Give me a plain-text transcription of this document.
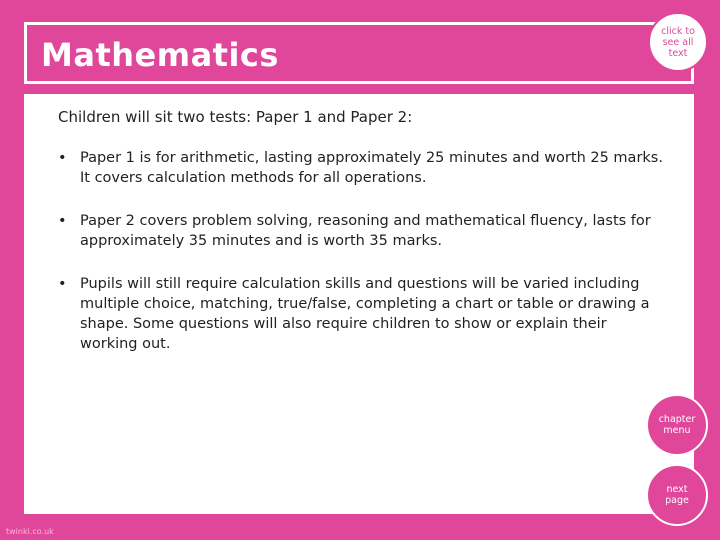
Mathematics
click to see all text

Children will sit two tests: Paper 1 and Paper 2:

• Paper 1 is for arithmetic, lasting approximately 25 minutes and worth 25 marks. It covers calculation methods for all operations.
• Paper 2 covers problem solving, reasoning and mathematical fluency, lasts for approximately 35 minutes and is worth 35 marks.
• Pupils will still require calculation skills and questions will be varied including multiple choice, matching, true/false, completing a chart or table or drawing a shape. Some questions will also require children to show or explain their working out.
chapter menu
next page
twinkl.co.uk
